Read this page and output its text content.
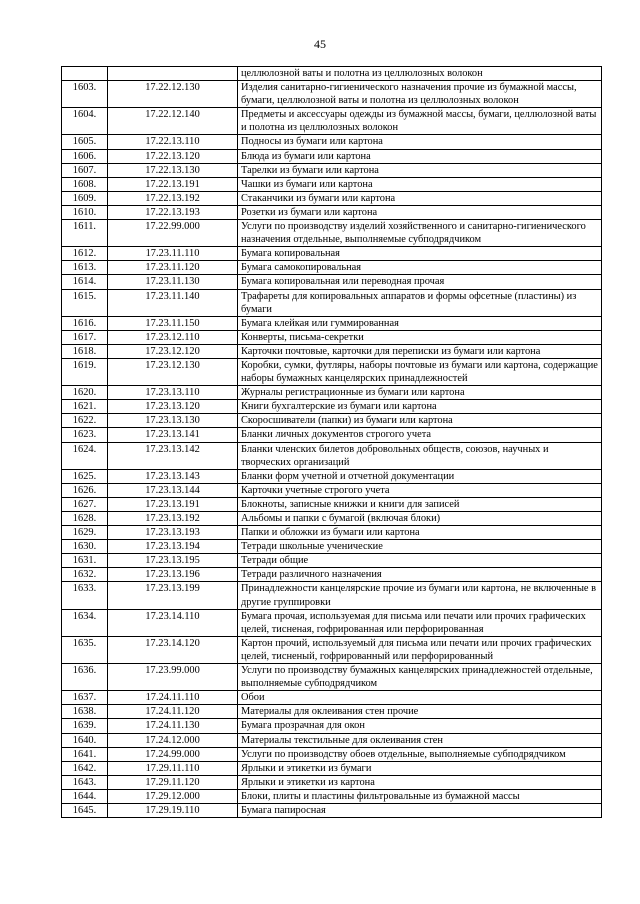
45
		целлюлозной ваты и полотна из целлюлозных волокон
1603.	17.22.12.130	Изделия санитарно-гигиенического назначения прочие из бумажной массы, бумаги, целлюлозной ваты и полотна из целлюлозных волокон
1604.	17.22.12.140	Предметы и аксессуары одежды из бумажной массы, бумаги, целлюлозной ваты и полотна из целлюлозных волокон
1605.	17.22.13.110	Подносы из бумаги или картона
1606.	17.22.13.120	Блюда из бумаги или картона
1607.	17.22.13.130	Тарелки из бумаги или картона
1608.	17.22.13.191	Чашки из бумаги или картона
1609.	17.22.13.192	Стаканчики из бумаги или картона
1610.	17.22.13.193	Розетки из бумаги или картона
1611.	17.22.99.000	Услуги по производству изделий хозяйственного и санитарно-гигиенического назначения отдельные, выполняемые субподрядчиком
1612.	17.23.11.110	Бумага копировальная
1613.	17.23.11.120	Бумага самокопировальная
1614.	17.23.11.130	Бумага копировальная или переводная прочая
1615.	17.23.11.140	Трафареты для копировальных аппаратов и формы офсетные (пластины) из бумаги
1616.	17.23.11.150	Бумага клейкая или гуммированная
1617.	17.23.12.110	Конверты, письма-секретки
1618.	17.23.12.120	Карточки почтовые, карточки для переписки из бумаги или картона
1619.	17.23.12.130	Коробки, сумки, футляры, наборы почтовые из бумаги или картона, содержащие наборы бумажных канцелярских принадлежностей
1620.	17.23.13.110	Журналы регистрационные из бумаги или картона
1621.	17.23.13.120	Книги бухгалтерские из бумаги или картона
1622.	17.23.13.130	Скоросшиватели (папки) из бумаги или картона
1623.	17.23.13.141	Бланки личных документов строгого учета
1624.	17.23.13.142	Бланки членских билетов добровольных обществ, союзов, научных и творческих организаций
1625.	17.23.13.143	Бланки форм учетной и отчетной документации
1626.	17.23.13.144	Карточки учетные строгого учета
1627.	17.23.13.191	Блокноты, записные книжки и книги для записей
1628.	17.23.13.192	Альбомы и папки с бумагой (включая блоки)
1629.	17.23.13.193	Папки и обложки из бумаги или картона
1630.	17.23.13.194	Тетради школьные ученические
1631.	17.23.13.195	Тетради общие
1632.	17.23.13.196	Тетради различного назначения
1633.	17.23.13.199	Принадлежности канцелярские прочие из бумаги или картона, не включенные в другие группировки
1634.	17.23.14.110	Бумага прочая, используемая для письма или печати или прочих графических целей, тисненая, гофрированная или перфорированная
1635.	17.23.14.120	Картон прочий, используемый для письма или печати или прочих графических целей, тисненый, гофрированный или перфорированный
1636.	17.23.99.000	Услуги по производству бумажных канцелярских принадлежностей отдельные, выполняемые субподрядчиком
1637.	17.24.11.110	Обои
1638.	17.24.11.120	Материалы для оклеивания стен прочие
1639.	17.24.11.130	Бумага прозрачная для окон
1640.	17.24.12.000	Материалы текстильные для оклеивания стен
1641.	17.24.99.000	Услуги по производству обоев отдельные, выполняемые субподрядчиком
1642.	17.29.11.110	Ярлыки и этикетки из бумаги
1643.	17.29.11.120	Ярлыки и этикетки из картона
1644.	17.29.12.000	Блоки, плиты и пластины фильтровальные из бумажной массы
1645.	17.29.19.110	Бумага папиросная
